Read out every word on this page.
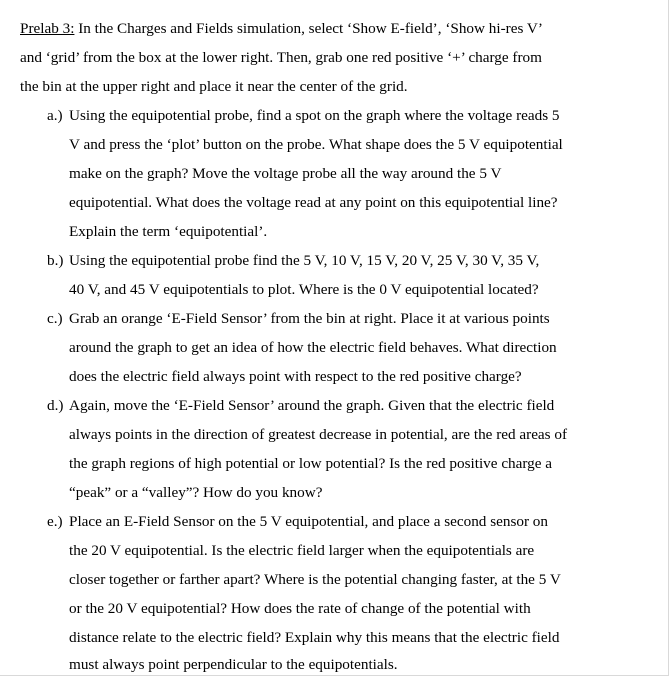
Prelab 3: In the Charges and Fields simulation, select ‘Show E-field’, ‘Show hi-res V’
and ‘grid’ from the box at the lower right. Then, grab one red positive ‘+’ charge from
the bin at the upper right and place it near the center of the grid.
a.) Using the equipotential probe, find a spot on the graph where the voltage reads 5
V and press the ‘plot’ button on the probe. What shape does the 5 V equipotential
make on the graph? Move the voltage probe all the way around the 5 V
equipotential. What does the voltage read at any point on this equipotential line?
Explain the term ‘equipotential’.
b.) Using the equipotential probe find the 5 V, 10 V, 15 V, 20 V, 25 V, 30 V, 35 V,
40 V, and 45 V equipotentials to plot. Where is the 0 V equipotential located?
c.) Grab an orange ‘E-Field Sensor’ from the bin at right. Place it at various points
around the graph to get an idea of how the electric field behaves. What direction
does the electric field always point with respect to the red positive charge?
d.) Again, move the ‘E-Field Sensor’ around the graph. Given that the electric field
always points in the direction of greatest decrease in potential, are the red areas of
the graph regions of high potential or low potential? Is the red positive charge a
“peak” or a “valley”? How do you know?
e.) Place an E-Field Sensor on the 5 V equipotential, and place a second sensor on
the 20 V equipotential. Is the electric field larger when the equipotentials are
closer together or farther apart? Where is the potential changing faster, at the 5 V
or the 20 V equipotential? How does the rate of change of the potential with
distance relate to the electric field? Explain why this means that the electric field
must always point perpendicular to the equipotentials.
